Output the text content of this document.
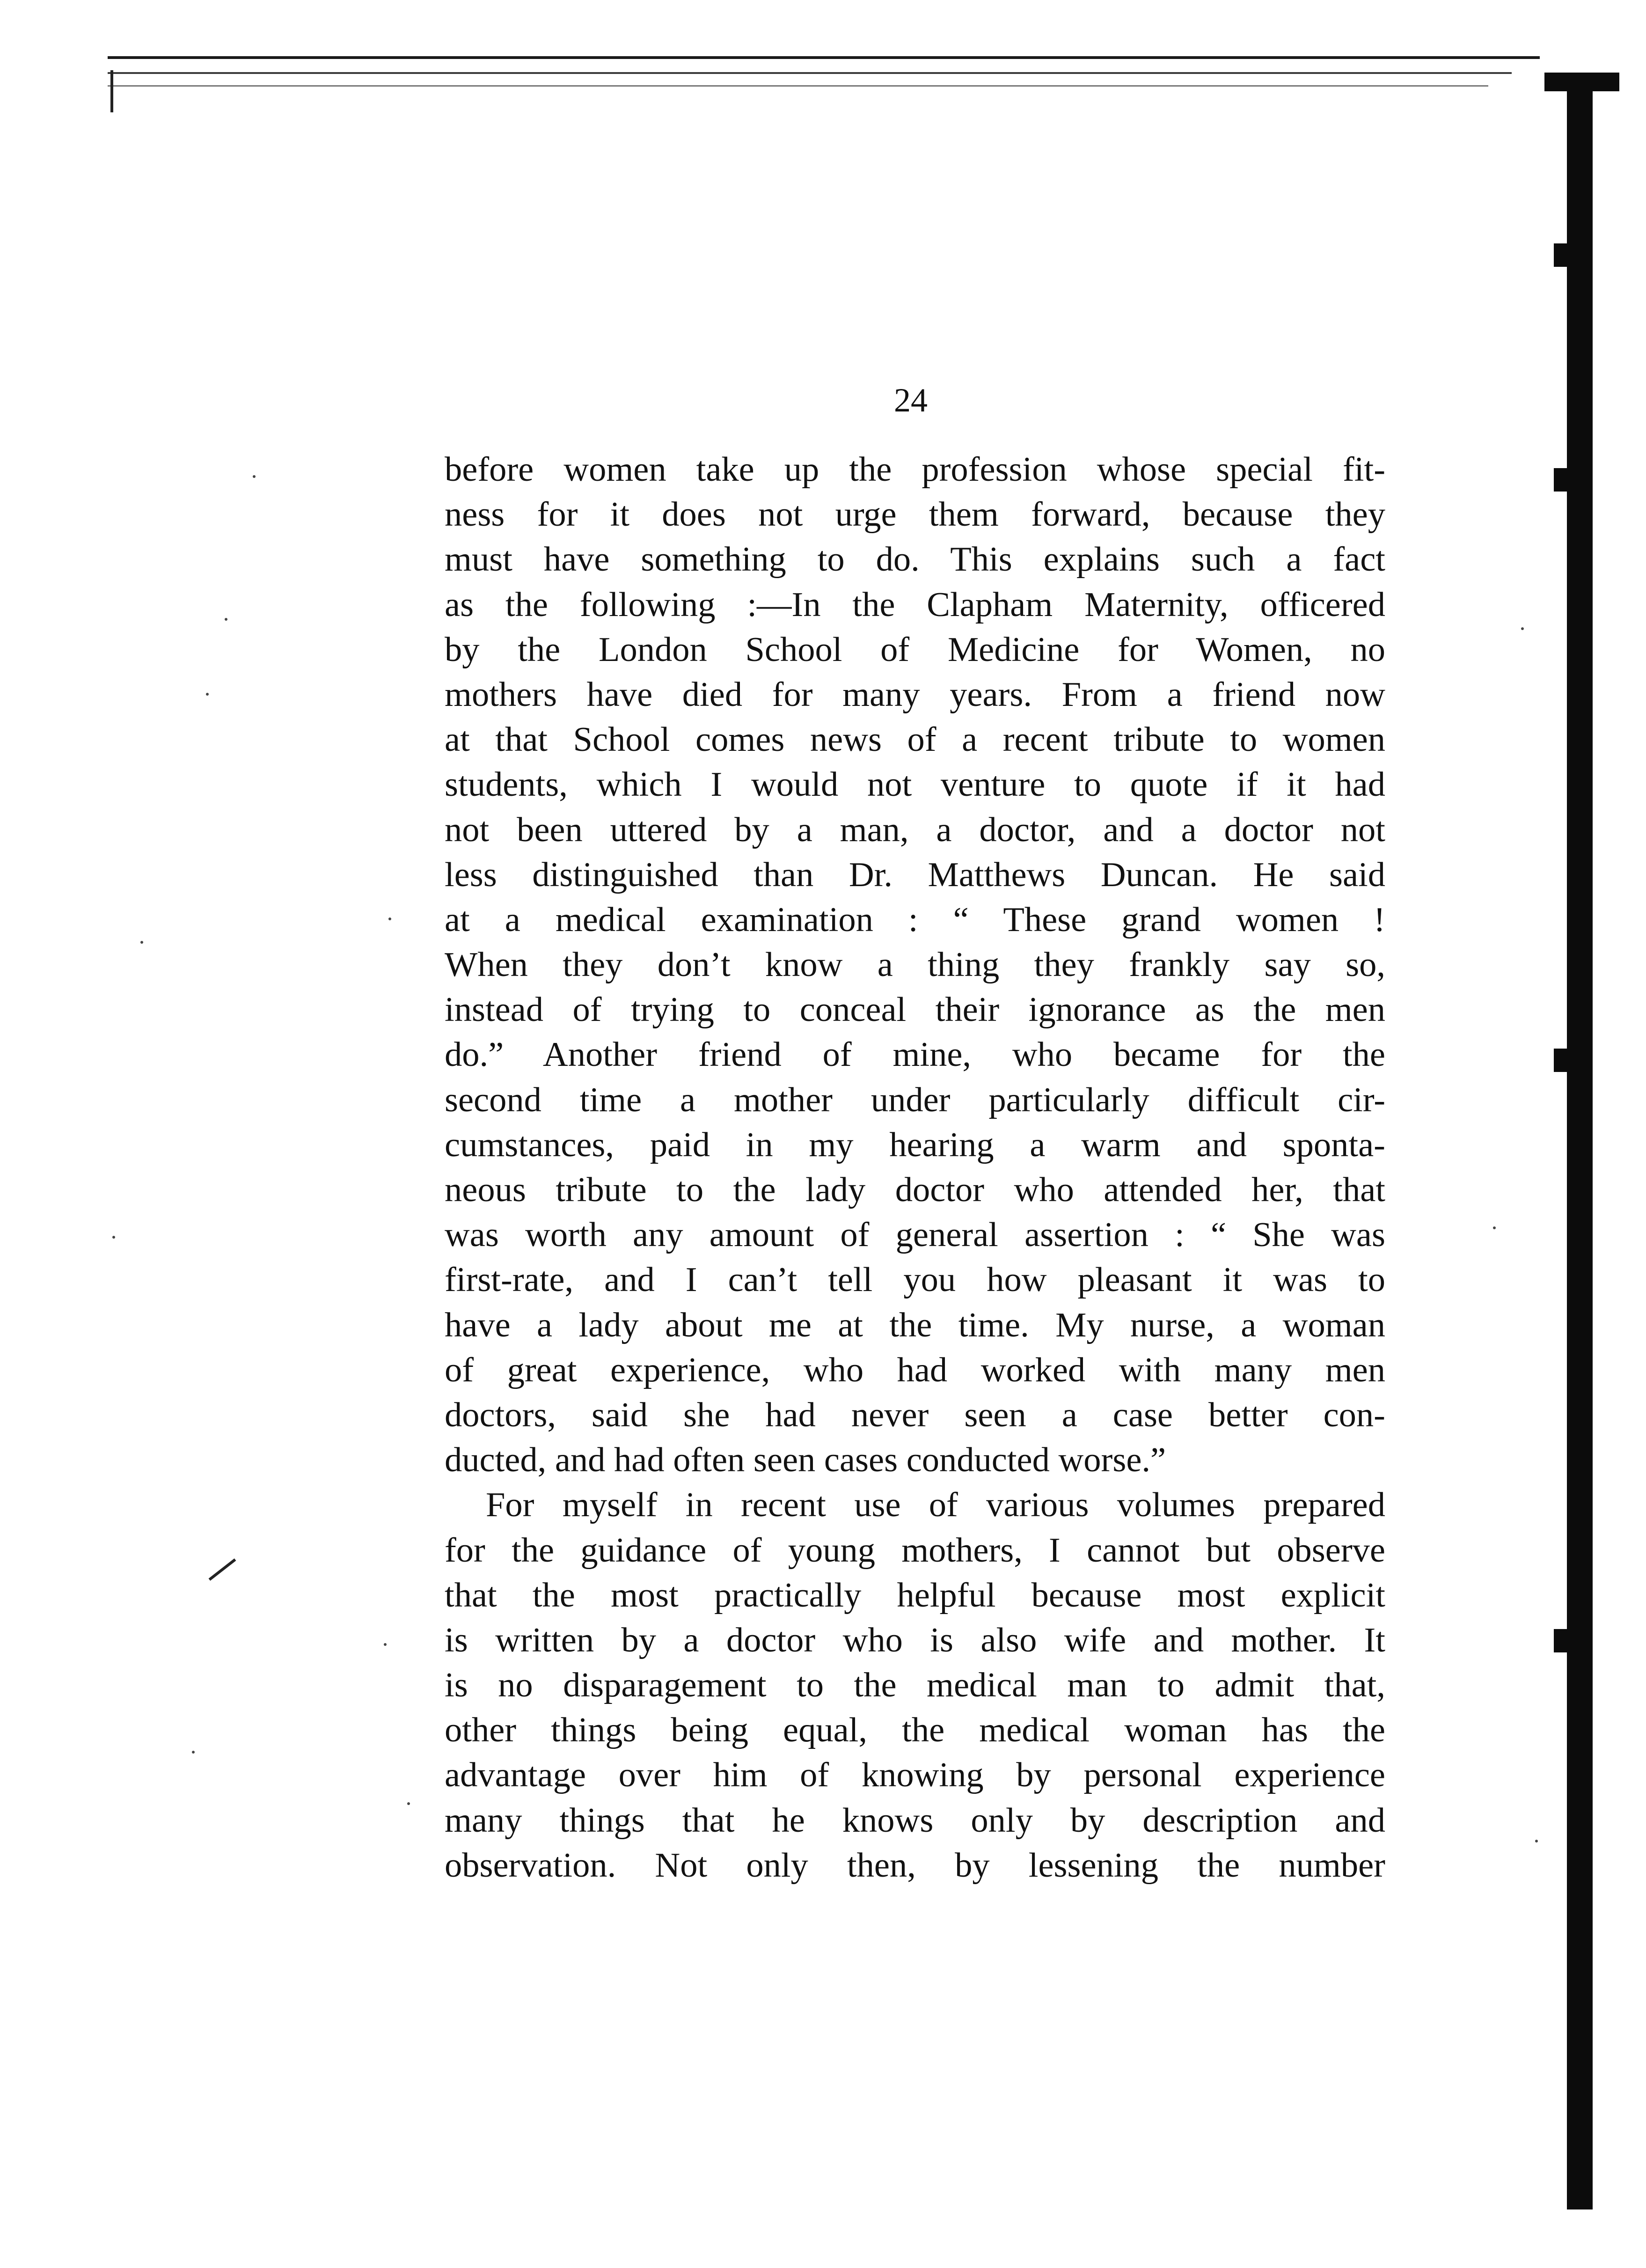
24
before women take up the profession whose special fit-
ness for it does not urge them forward, because they
must have something to do. This explains such a fact
as the following :—In the Clapham Maternity, officered
by the London School of Medicine for Women, no
mothers have died for many years. From a friend now
at that School comes news of a recent tribute to women
students, which I would not venture to quote if it had
not been uttered by a man, a doctor, and a doctor not
less distinguished than Dr. Matthews Duncan. He said
at a medical examination : “ These grand women !
When they don’t know a thing they frankly say so,
instead of trying to conceal their ignorance as the men
do.” Another friend of mine, who became for the
second time a mother under particularly difficult cir-
cumstances, paid in my hearing a warm and sponta-
neous tribute to the lady doctor who attended her, that
was worth any amount of general assertion : “ She was
first-rate, and I can’t tell you how pleasant it was to
have a lady about me at the time. My nurse, a woman
of great experience, who had worked with many men
doctors, said she had never seen a case better con-
ducted, and had often seen cases conducted worse.”
For myself in recent use of various volumes prepared
for the guidance of young mothers, I cannot but observe
that the most practically helpful because most explicit
is written by a doctor who is also wife and mother. It
is no disparagement to the medical man to admit that,
other things being equal, the medical woman has the
advantage over him of knowing by personal experience
many things that he knows only by description and
observation. Not only then, by lessening the number
